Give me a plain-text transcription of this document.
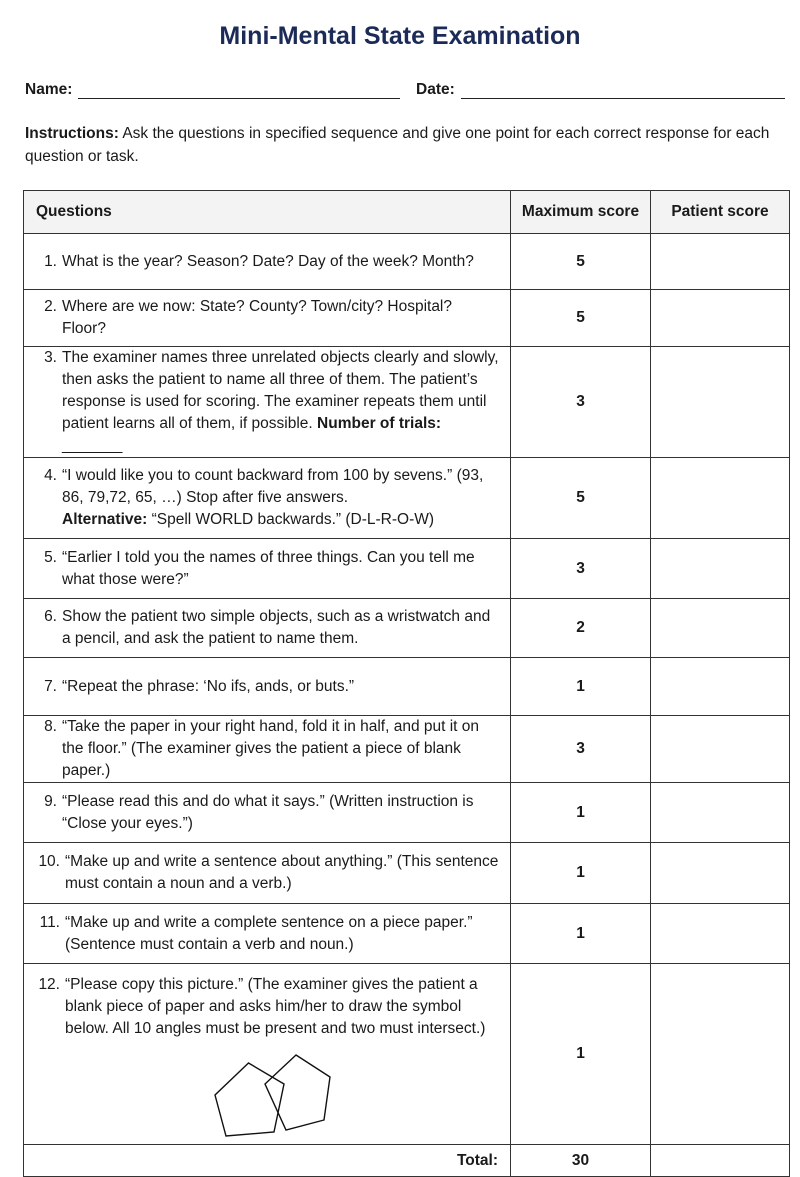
Mini-Mental State Examination
Name:	Date:
Instructions: Ask the questions in specified sequence and give one point for each correct response for each question or task.
Questions	Maximum score	Patient score

1. What is the year? Season? Date? Day of the week? Month?	5	

2. Where are we now: State? County? Town/city? Hospital? Floor?	5	

3. The examiner names three unrelated objects clearly and slowly, then asks the patient to name all three of them. The patient’s response is used for scoring. The examiner repeats them until patient learns all of them, if possible. Number of trials: _______	3	

4. “I would like you to count backward from 100 by sevens.” (93, 86, 79,72, 65, …) Stop after five answers.
Alternative: “Spell WORLD backwards.” (D-L-R-O-W)	5	

5. “Earlier I told you the names of three things. Can you tell me what those were?”	3	

6. Show the patient two simple objects, such as a wristwatch and a pencil, and ask the patient to name them.	2	

7. “Repeat the phrase: ‘No ifs, ands, or buts.”	1	

8. “Take the paper in your right hand, fold it in half, and put it on the floor.” (The examiner gives the patient a piece of blank paper.)	3	

9. “Please read this and do what it says.” (Written instruction is “Close your eyes.”)	1	

10. “Make up and write a sentence about anything.” (This sentence must contain a noun and a verb.)	1	

11. “Make up and write a complete sentence on a piece paper.” (Sentence must contain a verb and noun.)	1	

12. “Please copy this picture.” (The examiner gives the patient a blank piece of paper and asks him/her to draw the symbol below. All 10 angles must be present and two must intersect.)	1	
Total:	30	
